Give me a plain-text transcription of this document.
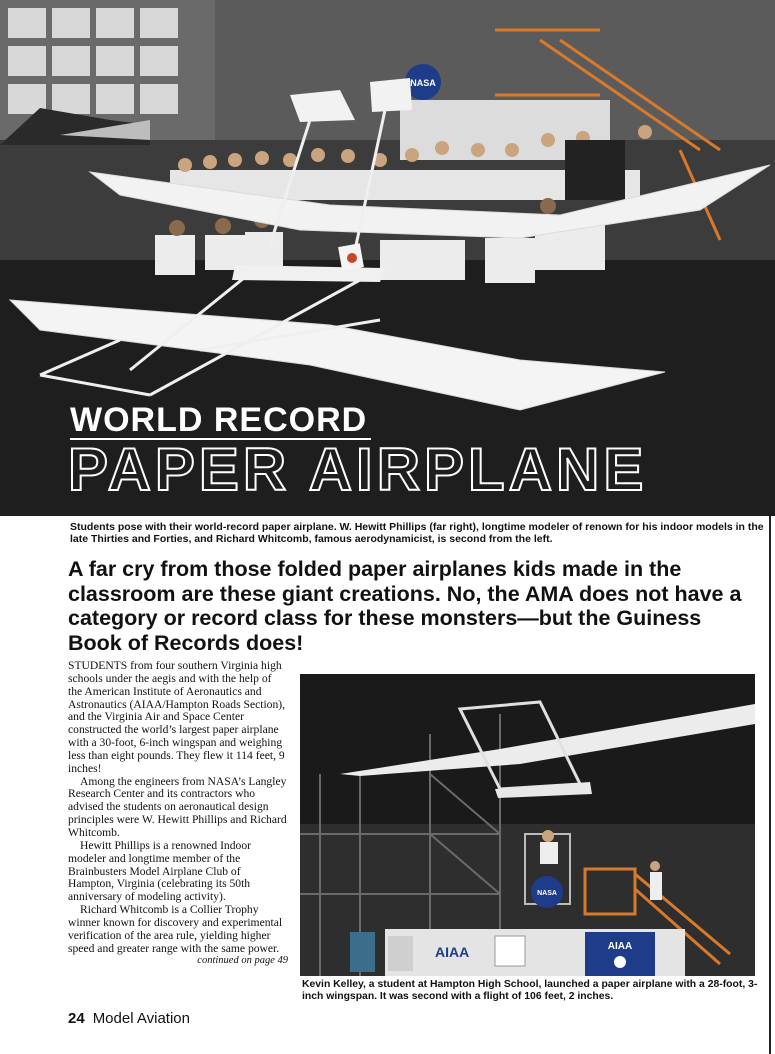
NASA
WORLD RECORD
PAPER AIRPLANE
Students pose with their world-record paper airplane. W. Hewitt Phillips (far right), longtime modeler of renown for his indoor models in the late Thirties and Forties, and Richard Whitcomb, famous aerodynamicist, is second from the left.
A far cry from those folded paper airplanes kids made in the classroom are these giant creations. No, the AMA does not have a category or record class for these monsters—but the Guiness Book of Records does!

STUDENTS from four southern Virginia high schools under the aegis and with the help of the American Institute of Aeronautics and Astronautics (AIAA/Hampton Roads Section), and the Virginia Air and Space Center constructed the world’s largest paper airplane with a 30-foot, 6-inch wingspan and weighing less than eight pounds. They flew it 114 feet, 9 inches!

Among the engineers from NASA’s Langley Research Center and its contractors who advised the students on aeronautical design principles were W. Hewitt Phillips and Richard Whitcomb.

Hewitt Phillips is a renowned Indoor modeler and longtime member of the Brainbusters Model Airplane Club of Hampton, Virginia (celebrating its 50th anniversary of modeling activity).

Richard Whitcomb is a Collier Trophy winner known for discovery and experimental verification of the area rule, yielding higher speed and greater range with the same power.
continued on page 49

NASA
AIAA	AIAA
Kevin Kelley, a student at Hampton High School, launched a paper airplane with a 28-foot, 3-inch wingspan. It was second with a flight of 106 feet, 2 inches.
24 Model Aviation
